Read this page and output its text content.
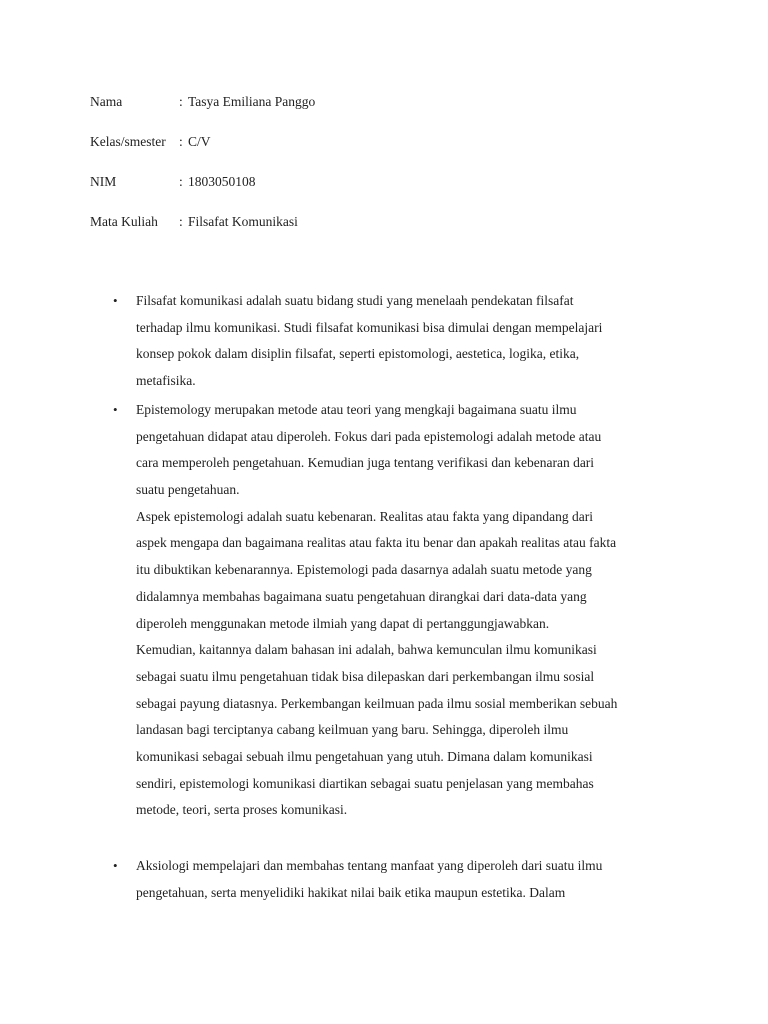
Nama	: Tasya Emiliana Panggo
Kelas/smester : C/V
NIM	: 1803050108
Mata Kuliah : Filsafat Komunikasi
•	Filsafat komunikasi adalah suatu bidang studi yang menelaah pendekatan filsafat
terhadap ilmu komunikasi. Studi filsafat komunikasi bisa dimulai dengan mempelajari
konsep pokok dalam disiplin filsafat, seperti epistomologi, aestetica, logika, etika,
metafisika.
•	Epistemology merupakan metode atau teori yang mengkaji bagaimana suatu ilmu
pengetahuan didapat atau diperoleh. Fokus dari pada epistemologi adalah metode atau
cara memperoleh pengetahuan. Kemudian juga tentang verifikasi dan kebenaran dari
suatu pengetahuan.
Aspek epistemologi adalah suatu kebenaran. Realitas atau fakta yang dipandang dari
aspek mengapa dan bagaimana realitas atau fakta itu benar dan apakah realitas atau fakta
itu dibuktikan kebenarannya. Epistemologi pada dasarnya adalah suatu metode yang
didalamnya membahas bagaimana suatu pengetahuan dirangkai dari data-data yang
diperoleh menggunakan metode ilmiah yang dapat di pertanggungjawabkan.
Kemudian, kaitannya dalam bahasan ini adalah, bahwa kemunculan ilmu komunikasi
sebagai suatu ilmu pengetahuan tidak bisa dilepaskan dari perkembangan ilmu sosial
sebagai payung diatasnya. Perkembangan keilmuan pada ilmu sosial memberikan sebuah
landasan bagi terciptanya cabang keilmuan yang baru. Sehingga, diperoleh ilmu
komunikasi sebagai sebuah ilmu pengetahuan yang utuh. Dimana dalam komunikasi
sendiri, epistemologi komunikasi diartikan sebagai suatu penjelasan yang membahas
metode, teori, serta proses komunikasi.
•	Aksiologi mempelajari dan membahas tentang manfaat yang diperoleh dari suatu ilmu
pengetahuan, serta menyelidiki hakikat nilai baik etika maupun estetika. Dalam
